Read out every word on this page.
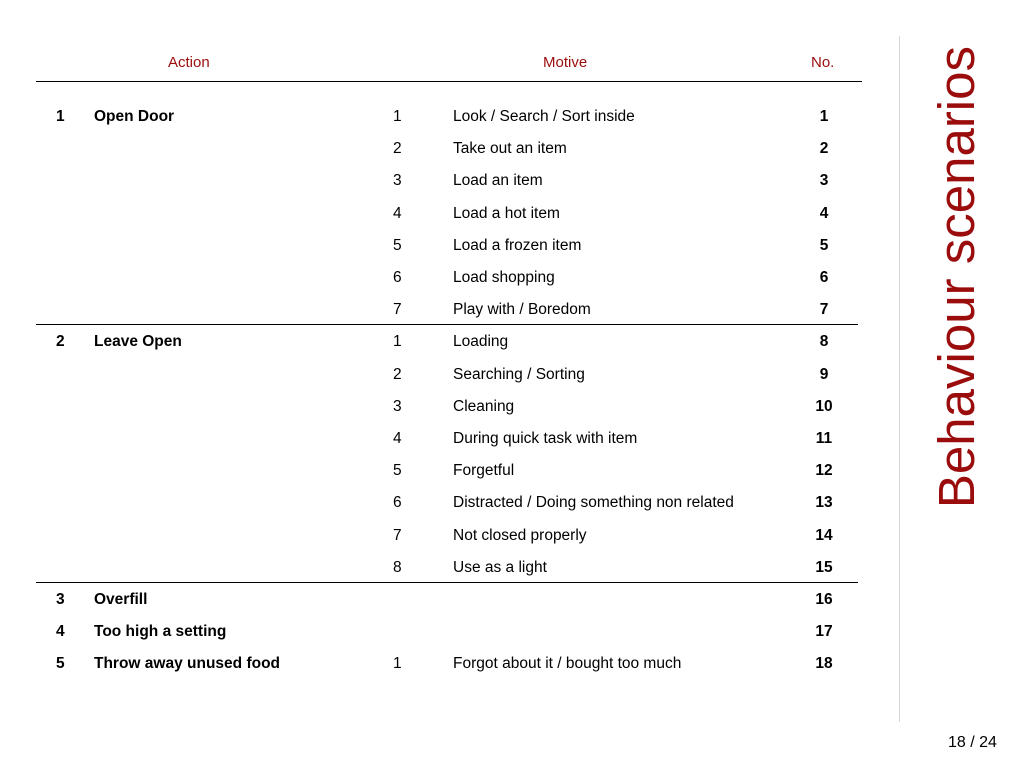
Action	Motive	No.
1 Open Door	1	Look / Search / Sort inside	1
2	Take out an item	2
3	Load an item	3
4	Load a hot item	4
5	Load a frozen item	5
6	Load shopping	6
7	Play with / Boredom	7
2 Leave Open	1	Loading	8
2	Searching / Sorting	9
3	Cleaning	10
4	During quick task with item	11
5	Forgetful	12
6	Distracted / Doing something non related	13
7	Not closed properly	14
8	Use as a light	15
3 Overfill	16
4 Too high a setting	17
5 Throw away unused food	1	Forgot about it / bought too much	18
Behaviour scenarios
18 / 24
